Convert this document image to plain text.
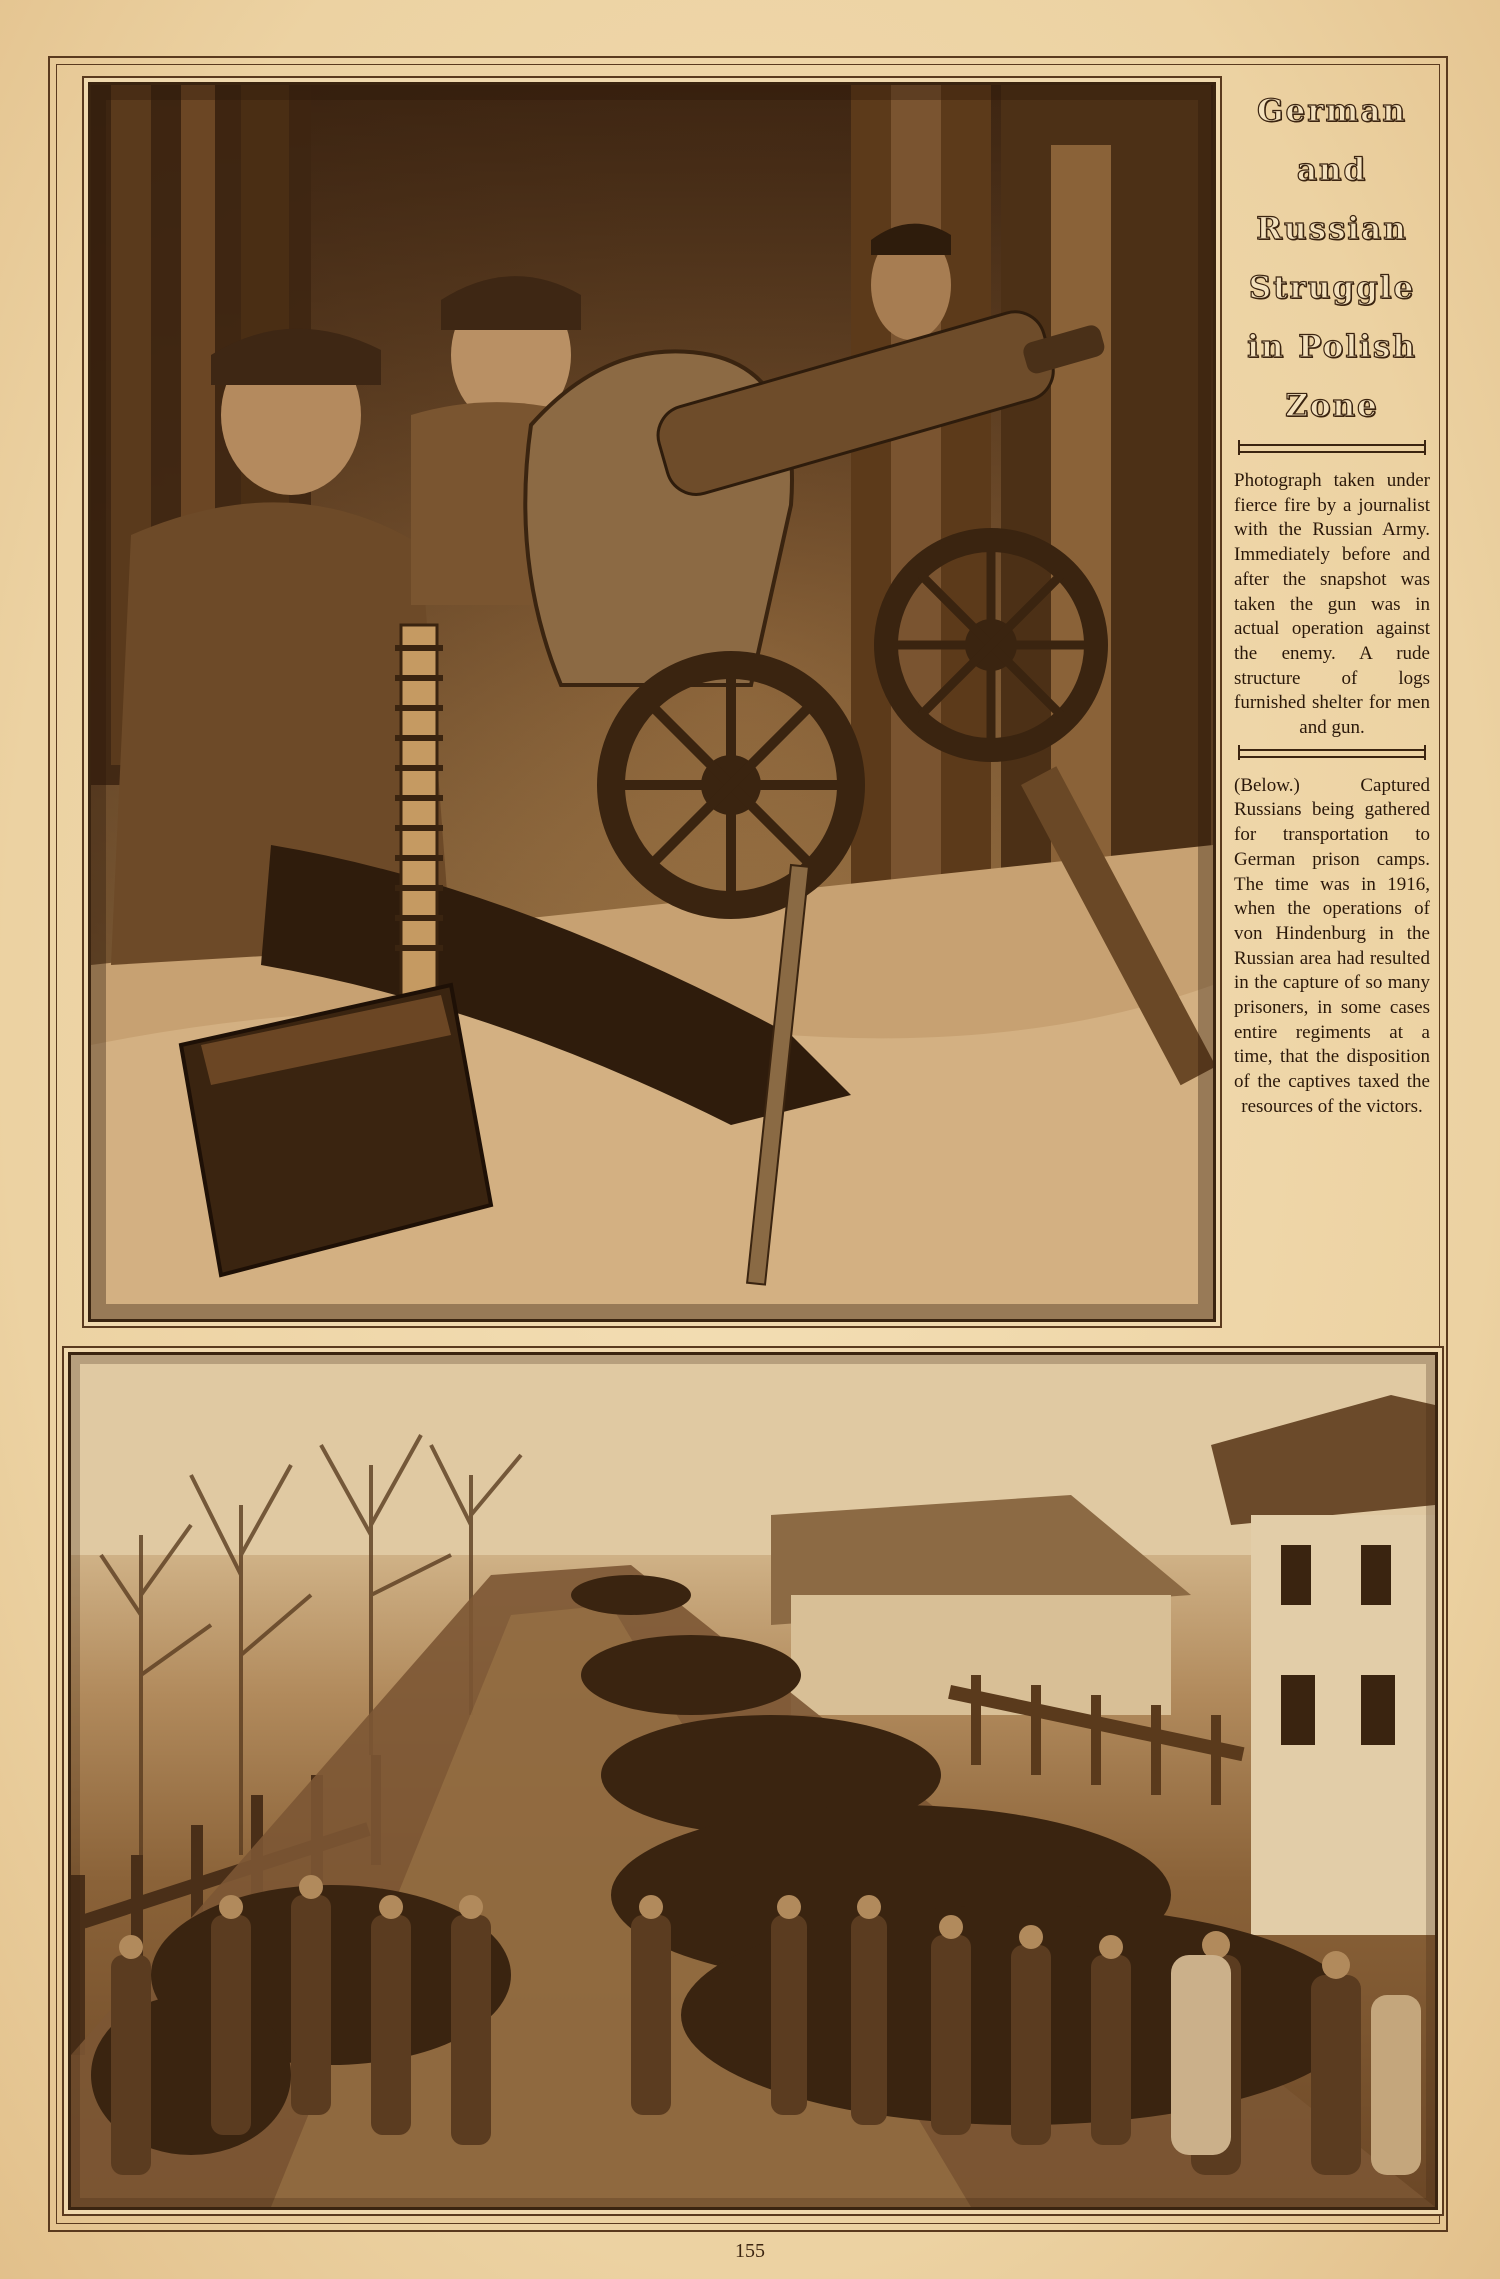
German
and
Russian
Struggle
in Polish
Zone

Photograph taken under fierce fire by a journalist with the Russian Army. Immediately before and after the snapshot was taken the gun was in actual operation against the enemy. A rude structure of logs furnished shelter for men and gun.

(Below.) Captured Russians being gathered for transportation to German prison camps. The time was in 1916, when the operations of von Hindenburg in the Russian area had resulted in the capture of so many prisoners, in some cases entire regiments at a time, that the disposition of the captives taxed the resources of the victors.

155
